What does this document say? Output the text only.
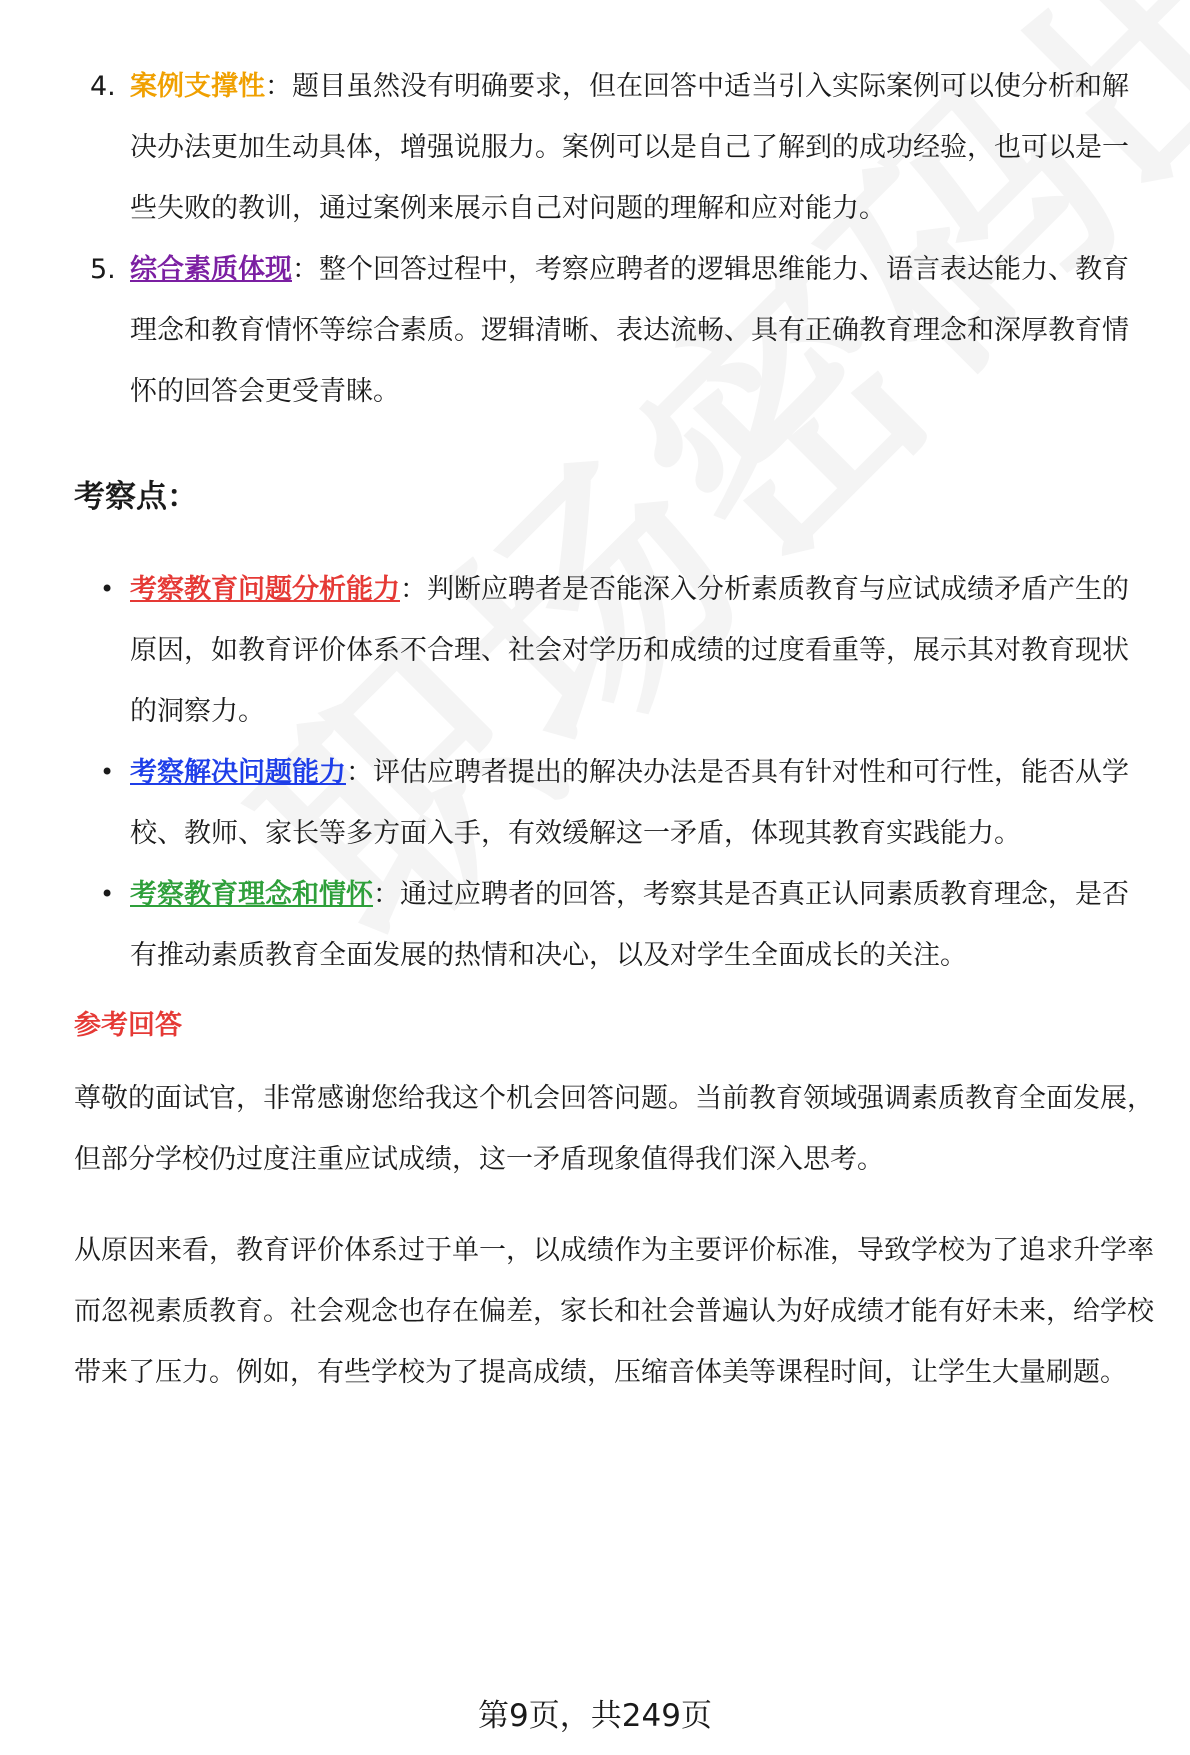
4. 案例支撑性：题目虽然没有明确要求，但在回答中适当引入实际案例可以使分析和解决办法更加生动具体，增强说服力。案例可以是自己了解到的成功经验，也可以是一些失败的教训，通过案例来展示自己对问题的理解和应对能力。
5. 综合素质体现：整个回答过程中，考察应聘者的逻辑思维能力、语言表达能力、教育理念和教育情怀等综合素质。逻辑清晰、表达流畅、具有正确教育理念和深厚教育情怀的回答会更受青睐。
考察点：
• 考察教育问题分析能力：判断应聘者是否能深入分析素质教育与应试成绩矛盾产生的原因，如教育评价体系不合理、社会对学历和成绩的过度看重等，展示其对教育现状的洞察力。
• 考察解决问题能力：评估应聘者提出的解决办法是否具有针对性和可行性，能否从学校、教师、家长等多方面入手，有效缓解这一矛盾，体现其教育实践能力。
• 考察教育理念和情怀：通过应聘者的回答，考察其是否真正认同素质教育理念，是否有推动素质教育全面发展的热情和决心，以及对学生全面成长的关注。
参考回答

尊敬的面试官，非常感谢您给我这个机会回答问题。当前教育领域强调素质教育全面发展，但部分学校仍过度注重应试成绩，这一矛盾现象值得我们深入思考。

从原因来看，教育评价体系过于单一，以成绩作为主要评价标准，导致学校为了追求升学率而忽视素质教育。社会观念也存在偏差，家长和社会普遍认为好成绩才能有好未来，给学校带来了压力。例如，有些学校为了提高成绩，压缩音体美等课程时间，让学生大量刷题。

第9页，共249页
